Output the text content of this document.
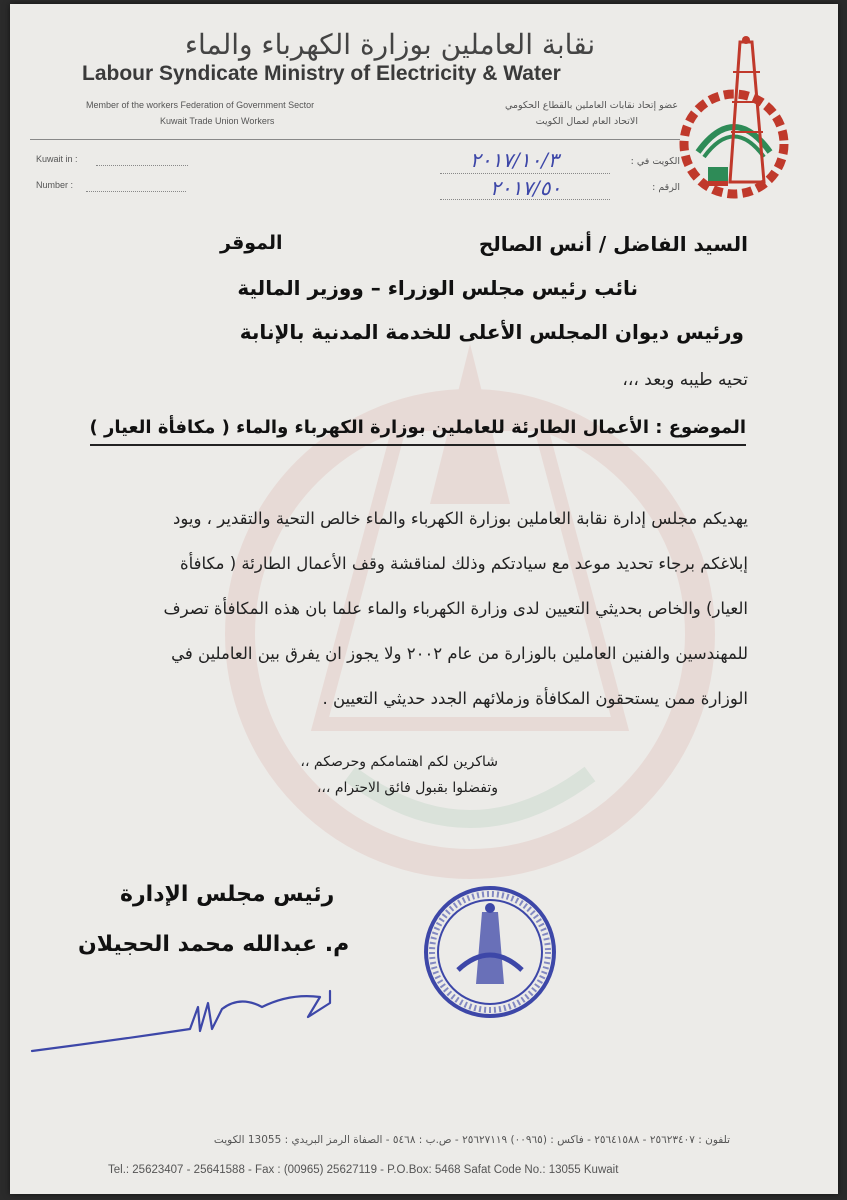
نقابة العاملين بوزارة الكهرباء والماء
Labour Syndicate Ministry of Electricity & Water
Member of the workers Federation of Government Sector
Kuwait Trade Union Workers
عضو إتحاد نقابات العاملين بالقطاع الحكومي
الاتحاد العام لعمال الكويت
Kuwait in :
Number :
الكويت في :
الرقم :
٢٠١٧/١٠/٣
٢٠١٧/٥٠
السيد الفاضل / أنس الصالح
الموقر
نائب رئيس مجلس الوزراء – ووزير المالية
ورئيس ديوان المجلس الأعلى للخدمة المدنية بالإنابة
تحيه طيبه وبعد ،،،
الموضوع : الأعمال الطارئة للعاملين بوزارة الكهرباء والماء ( مكافأة العيار )
يهديكم مجلس إدارة نقابة العاملين بوزارة الكهرباء والماء خالص التحية والتقدير ، ويود
إبلاغكم برجاء تحديد موعد مع سيادتكم وذلك لمناقشة وقف الأعمال الطارئة ( مكافأة
العيار) والخاص بحديثي التعيين لدى وزارة الكهرباء والماء علما بان هذه المكافأة تصرف
للمهندسين والفنين العاملين بالوزارة من عام ٢٠٠٢ ولا يجوز ان يفرق بين العاملين في
الوزارة ممن يستحقون المكافأة وزملائهم الجدد حديثي التعيين .
شاكرين لكم اهتمامكم وحرصكم ،،
وتفضلوا بقبول فائق الاحترام ،،،
رئيس مجلس الإدارة
م. عبدالله محمد الحجيلان
تلفون : ٢٥٦٢٣٤٠٧ - ٢٥٦٤١٥٨٨ - فاكس : (٠٠٩٦٥) ٢٥٦٢٧١١٩ - ص.ب : ٥٤٦٨ - الصفاة الرمز البريدي : 13055 الكويت
Tel.: 25623407 - 25641588 - Fax : (00965) 25627119 - P.O.Box: 5468 Safat Code No.: 13055 Kuwait
